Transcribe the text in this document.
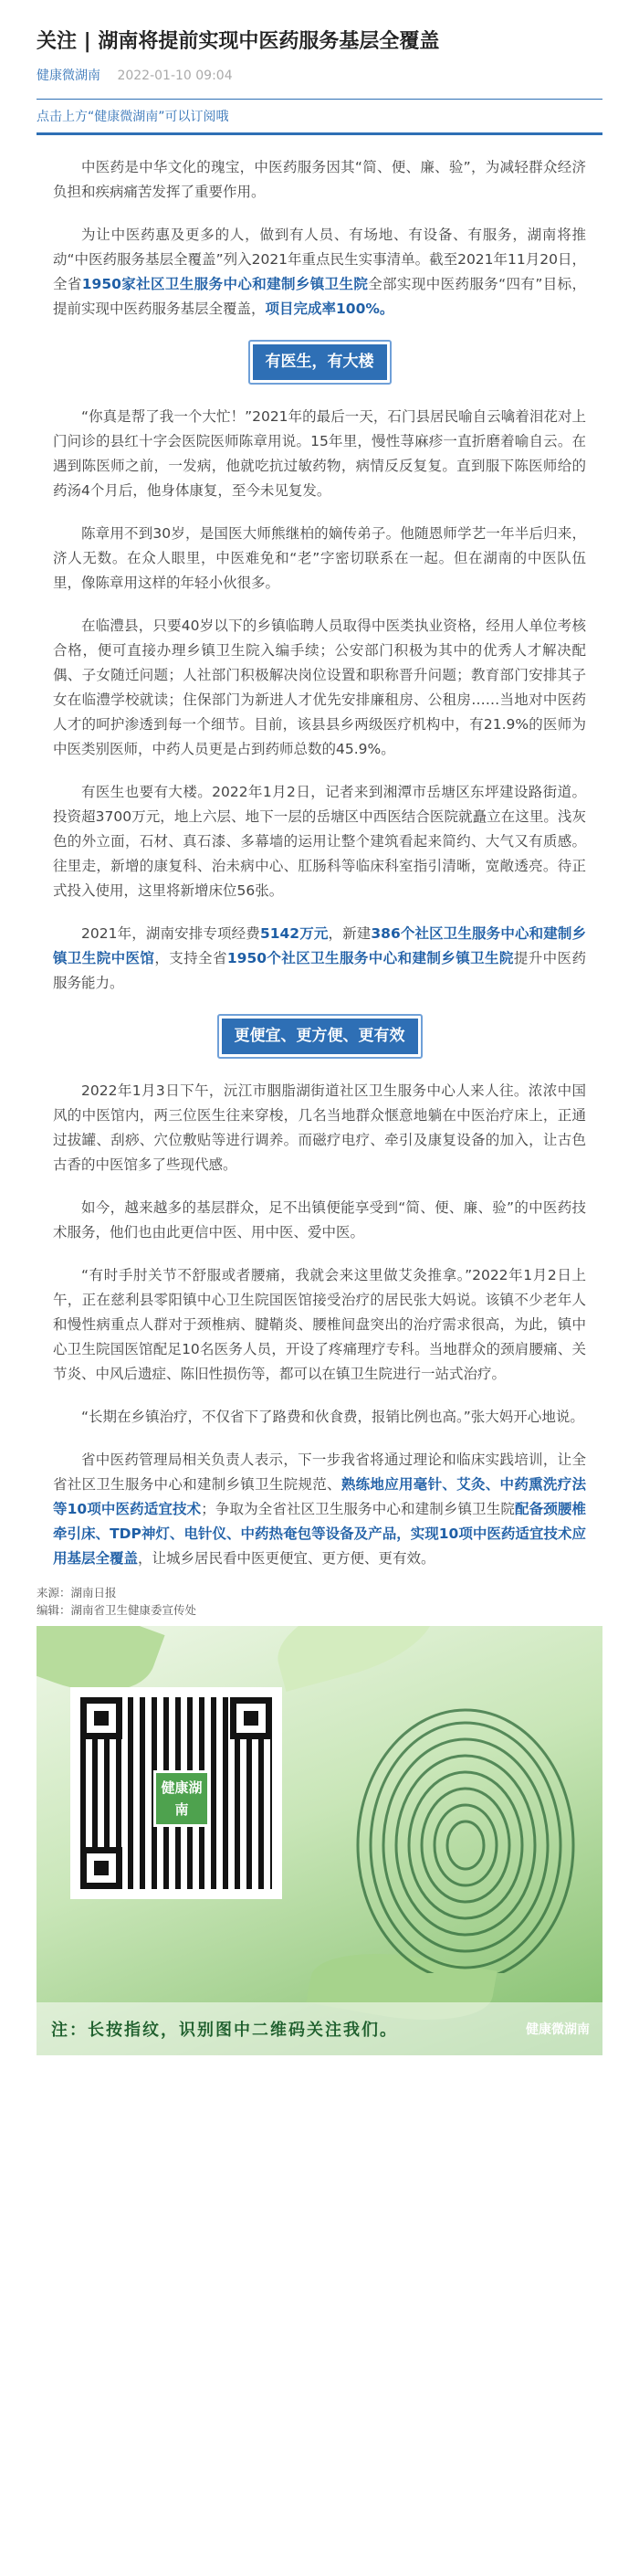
关注 | 湖南将提前实现中医药服务基层全覆盖
健康微湖南 2022-01-10 09:04
点击上方“健康微湖南”可以订阅哦

中医药是中华文化的瑰宝，中医药服务因其“简、便、廉、验”，为减轻群众经济负担和疾病痛苦发挥了重要作用。

为让中医药惠及更多的人，做到有人员、有场地、有设备、有服务，湖南将推动“中医药服务基层全覆盖”列入2021年重点民生实事清单。截至2021年11月20日，全省1950家社区卫生服务中心和建制乡镇卫生院全部实现中医药服务“四有”目标，提前实现中医药服务基层全覆盖，项目完成率100%。

有医生，有大楼

“你真是帮了我一个大忙！”2021年的最后一天，石门县居民喻自云噙着泪花对上门问诊的县红十字会医院医师陈章用说。15年里，慢性荨麻疹一直折磨着喻自云。在遇到陈医师之前，一发病，他就吃抗过敏药物，病情反反复复。直到服下陈医师给的药汤4个月后，他身体康复，至今未见复发。

陈章用不到30岁，是国医大师熊继柏的嫡传弟子。他随恩师学艺一年半后归来，济人无数。在众人眼里，中医难免和“老”字密切联系在一起。但在湖南的中医队伍里，像陈章用这样的年轻小伙很多。

在临澧县，只要40岁以下的乡镇临聘人员取得中医类执业资格，经用人单位考核合格，便可直接办理乡镇卫生院入编手续；公安部门积极为其中的优秀人才解决配偶、子女随迁问题；人社部门积极解决岗位设置和职称晋升问题；教育部门安排其子女在临澧学校就读；住保部门为新进人才优先安排廉租房、公租房……当地对中医药人才的呵护渗透到每一个细节。目前，该县县乡两级医疗机构中，有21.9%的医师为中医类别医师，中药人员更是占到药师总数的45.9%。

有医生也要有大楼。2022年1月2日，记者来到湘潭市岳塘区东坪建设路街道。投资超3700万元，地上六层、地下一层的岳塘区中西医结合医院就矗立在这里。浅灰色的外立面，石材、真石漆、多幕墙的运用让整个建筑看起来简约、大气又有质感。往里走，新增的康复科、治未病中心、肛肠科等临床科室指引清晰，宽敞透亮。待正式投入使用，这里将新增床位56张。

2021年，湖南安排专项经费5142万元，新建386个社区卫生服务中心和建制乡镇卫生院中医馆，支持全省1950个社区卫生服务中心和建制乡镇卫生院提升中医药服务能力。

更便宜、更方便、更有效

2022年1月3日下午，沅江市胭脂湖街道社区卫生服务中心人来人往。浓浓中国风的中医馆内，两三位医生往来穿梭，几名当地群众惬意地躺在中医治疗床上，正通过拔罐、刮痧、穴位敷贴等进行调养。而磁疗电疗、牵引及康复设备的加入，让古色古香的中医馆多了些现代感。

如今，越来越多的基层群众，足不出镇便能享受到“简、便、廉、验”的中医药技术服务，他们也由此更信中医、用中医、爱中医。

“有时手肘关节不舒服或者腰痛，我就会来这里做艾灸推拿。”2022年1月2日上午，正在慈利县零阳镇中心卫生院国医馆接受治疗的居民张大妈说。该镇不少老年人和慢性病重点人群对于颈椎病、腱鞘炎、腰椎间盘突出的治疗需求很高，为此，镇中心卫生院国医馆配足10名医务人员，开设了疼痛理疗专科。当地群众的颈肩腰痛、关节炎、中风后遗症、陈旧性损伤等，都可以在镇卫生院进行一站式治疗。

“长期在乡镇治疗，不仅省下了路费和伙食费，报销比例也高。”张大妈开心地说。

省中医药管理局相关负责人表示，下一步我省将通过理论和临床实践培训，让全省社区卫生服务中心和建制乡镇卫生院规范、熟练地应用毫针、艾灸、中药熏洗疗法等10项中医药适宜技术；争取为全省社区卫生服务中心和建制乡镇卫生院配备颈腰椎牵引床、TDP神灯、电针仪、中药热奄包等设备及产品，实现10项中医药适宜技术应用基层全覆盖，让城乡居民看中医更便宜、更方便、更有效。

来源：湖南日报
编辑：湖南省卫生健康委宣传处
健康湖南
注：长按指纹，识别图中二维码关注我们。	健康微湖南
